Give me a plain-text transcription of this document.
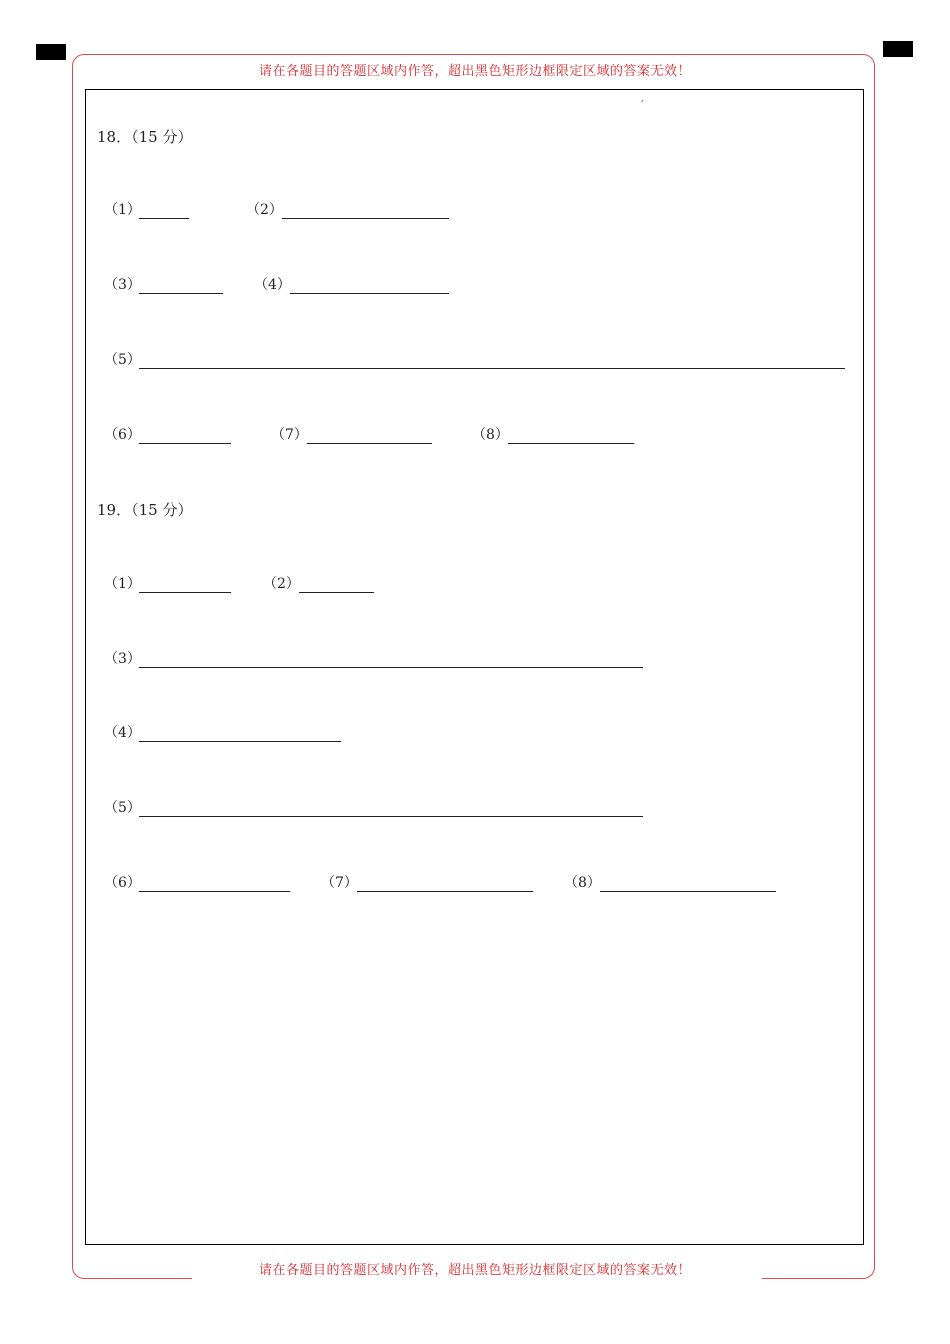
请在各题目的答题区域内作答，超出黑色矩形边框限定区域的答案无效！
请在各题目的答题区域内作答，超出黑色矩形边框限定区域的答案无效！
,
18．（15 分）
（1）	（2）
（3）	（4）
（5）
（6）	（7）	（8）
19．（15 分）
（1）	（2）
（3）
（4）
（5）
（6）	（7）	（8）
